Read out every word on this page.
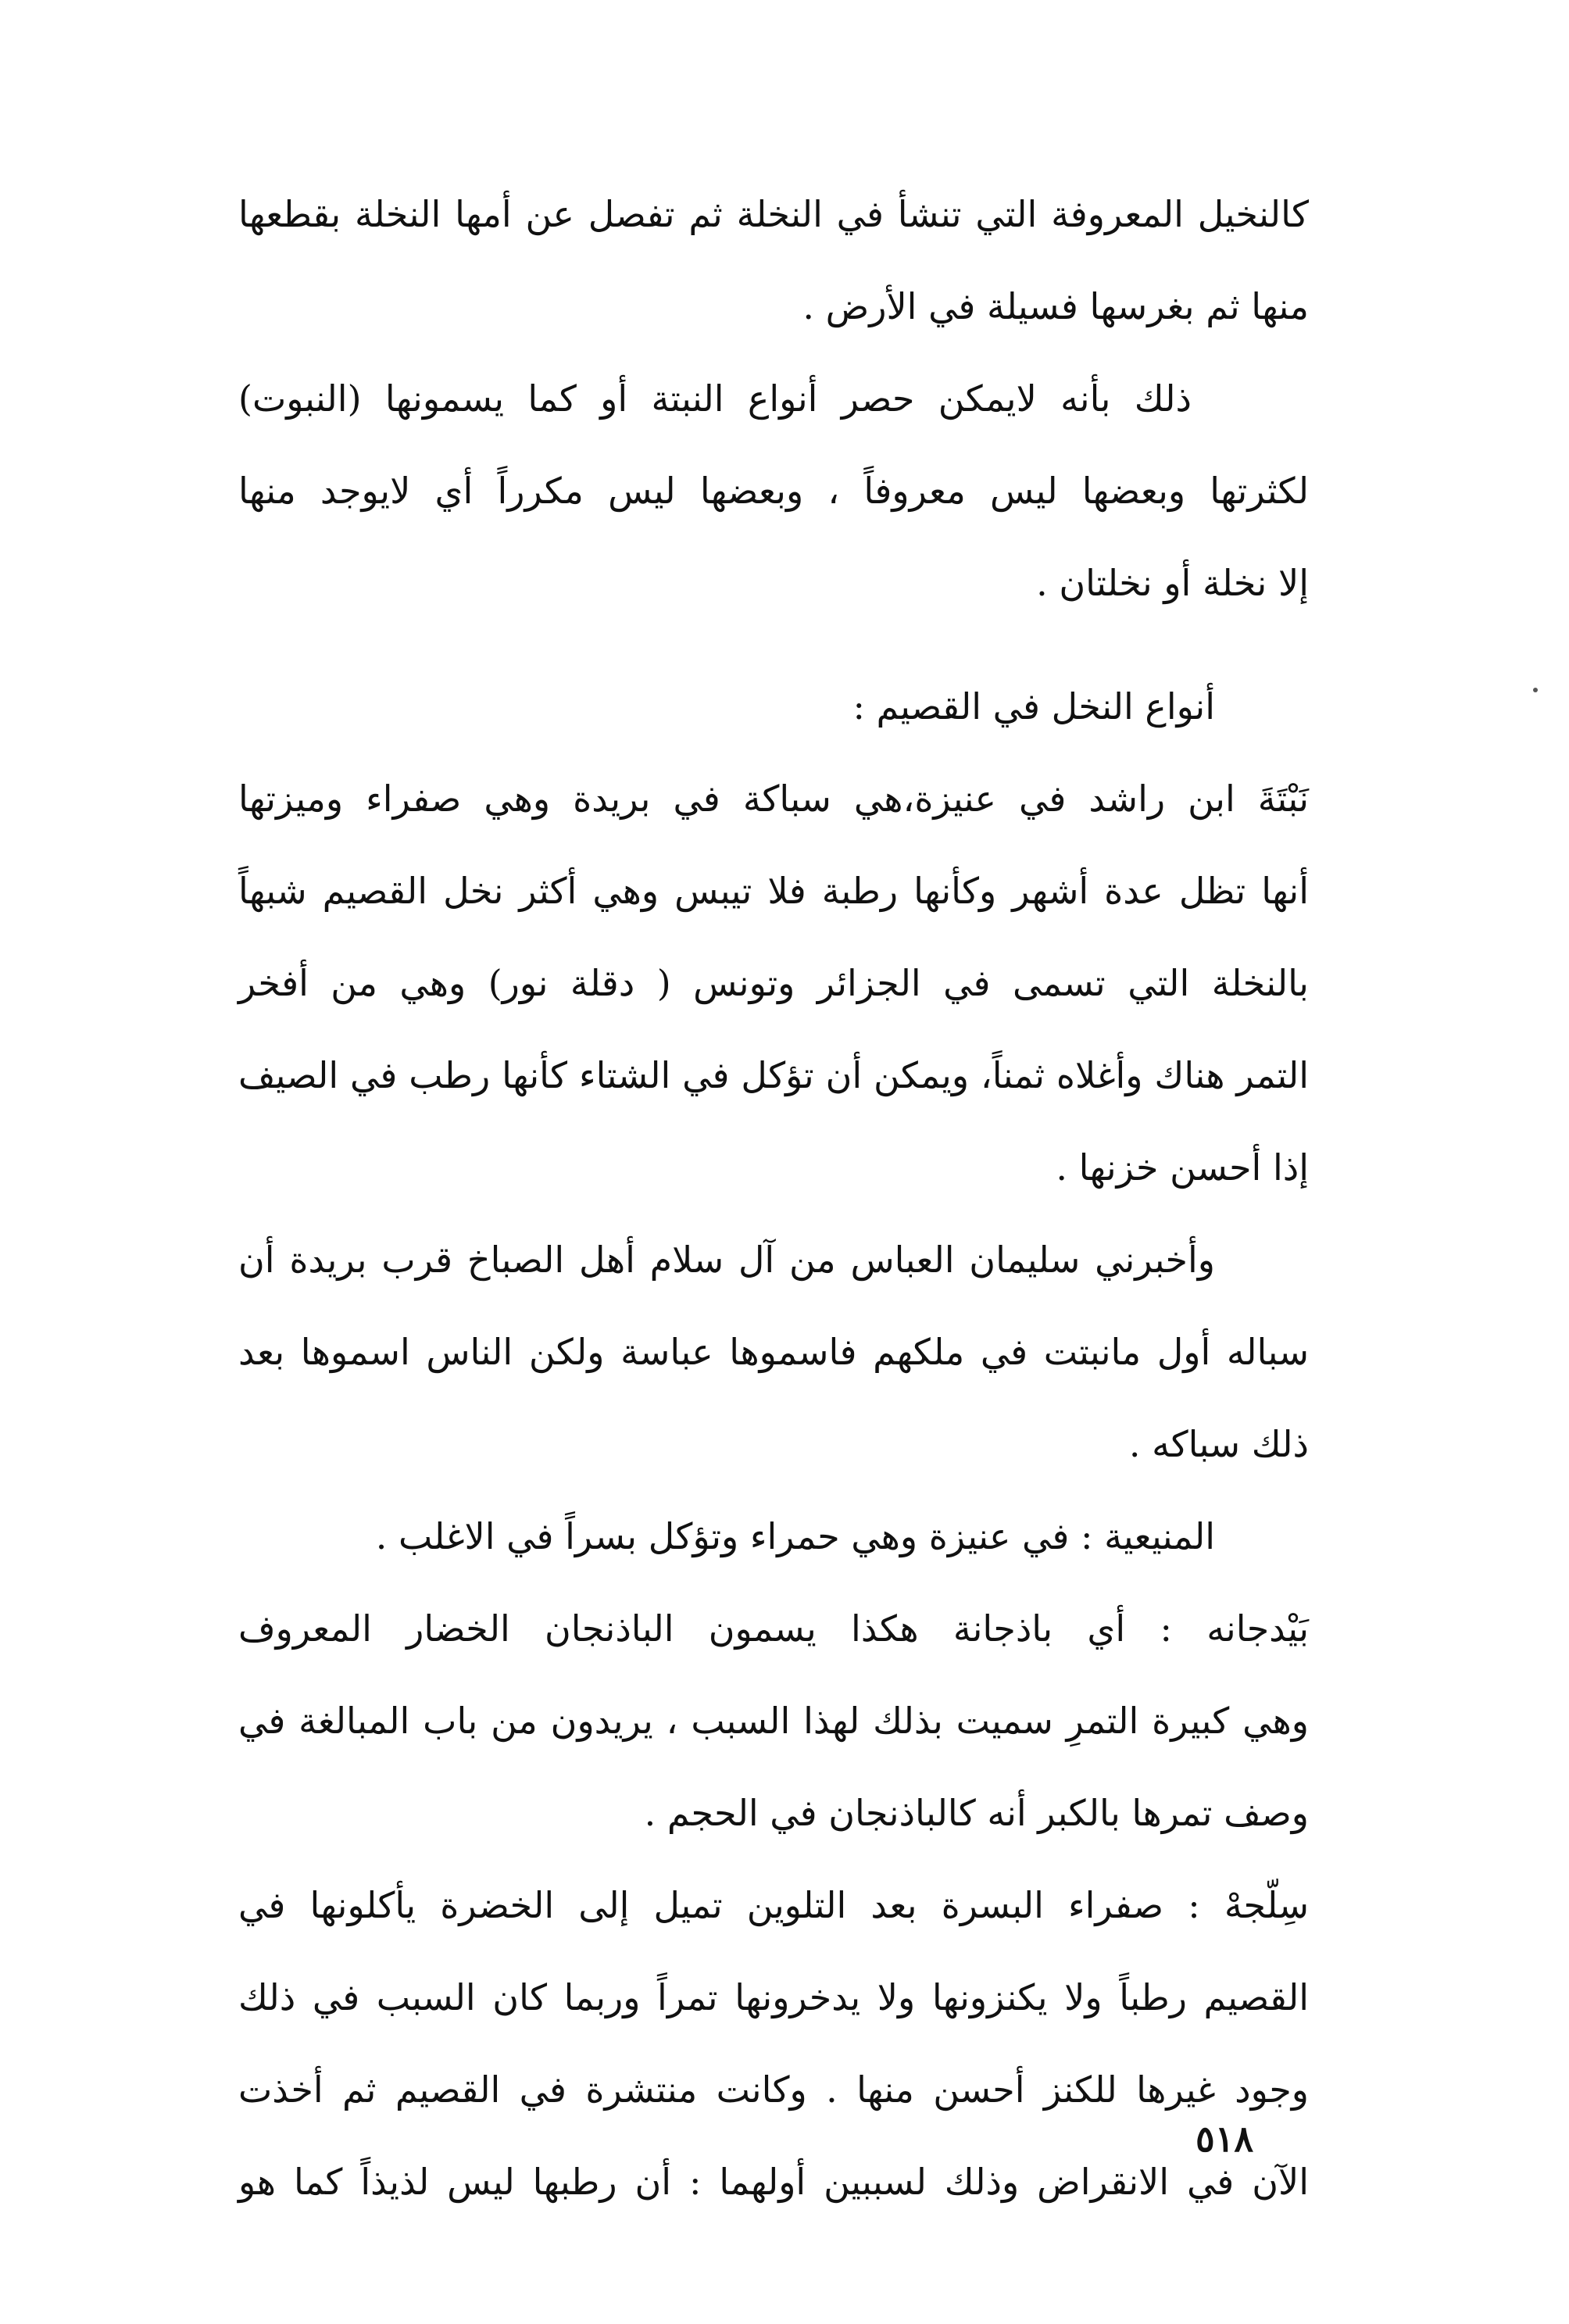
كالنخيل المعروفة التي تنشأ في النخلة ثم تفصل عن أمها النخلة بقطعها
منها ثم بغرسها فسيلة في الأرض .
ذلك بأنه لايمكن حصر أنواع النبتة أو كما يسمونها (النبوت)
لكثرتها وبعضها ليس معروفاً ، وبعضها ليس مكرراً أي لايوجد منها
إلا نخلة أو نخلتان .
أنواع النخل في القصيم :
نَبْتَةَ ابن راشد في عنيزة،هي سباكة في بريدة وهي صفراء وميزتها
أنها تظل عدة أشهر وكأنها رطبة فلا تيبس وهي أكثر نخل القصيم شبهاً
بالنخلة التي تسمى في الجزائر وتونس ( دقلة نور) وهي من أفخر
التمر هناك وأغلاه ثمناً، ويمكن أن تؤكل في الشتاء كأنها رطب في الصيف
إذا أحسن خزنها .
وأخبرني سليمان العباس من آل سلام أهل الصباخ قرب بريدة أن
سباله أول مانبتت في ملكهم فاسموها عباسة ولكن الناس اسموها بعد
ذلك سباكه .
المنيعية : في عنيزة وهي حمراء وتؤكل بسراً في الاغلب .
بَيْدجانه : أي باذجانة هكذا يسمون الباذنجان الخضار المعروف
وهي كبيرة التمرِ سميت بذلك لهذا السبب ، يريدون من باب المبالغة في
وصف تمرها بالكبر أنه كالباذنجان في الحجم .
سِلّجهْ : صفراء البسرة بعد التلوين تميل إلى الخضرة يأكلونها في
القصيم رطباً ولا يكنزونها ولا يدخرونها تمراً وربما كان السبب في ذلك
وجود غيرها للكنز أحسن منها . وكانت منتشرة في القصيم ثم أخذت
الآن في الانقراض وذلك لسببين أولهما : أن رطبها ليس لذيذاً كما هو
٥١٨
